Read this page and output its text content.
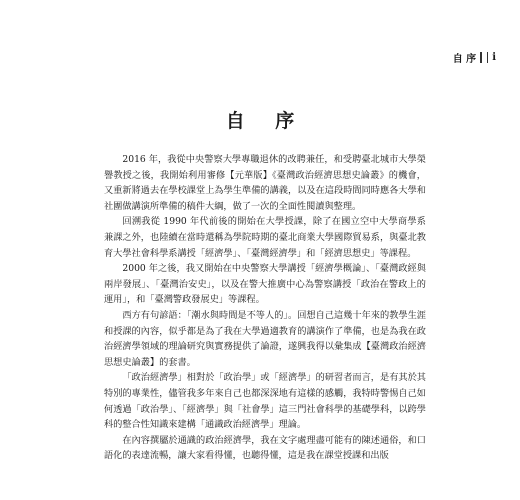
自 序 i
自 序

2016 年，我從中央警察大學專職退休的改聘兼任，和受聘臺北城市大學榮譽教授之後，我開始利用審修【元華版】《臺灣政治經濟思想史論叢》的機會，又重新將過去在學校課堂上為學生準備的講義，以及在這段時間同時應各大學和社團做講演所準備的稿件大綱，做了一次的全面性閱讀與整理。

回溯我從 1990 年代前後的開始在大學授課，除了在國立空中大學商學系兼課之外，也陸續在當時還稱為學院時期的臺北商業大學國際貿易系，與臺北教育大學社會科學系講授「經濟學」、「臺灣經濟學」和「經濟思想史」等課程。

2000 年之後，我又開始在中央警察大學講授「經濟學概論」、「臺灣政經與兩岸發展」、「臺灣治安史」，以及在警大推廣中心為警察講授「政治在警政上的運用」，和「臺灣警政發展史」等課程。

西方有句諺語：「潮水與時間是不等人的」。回想自己這幾十年來的教學生涯和授課的內容，似乎都是為了我在大學過適教育的講演作了準備，也是為我在政治經濟學領域的理論研究與實務提供了論證，遂興我得以彙集成【臺灣政治經濟思想史論叢】的套書。

「政治經濟學」相對於「政治學」或「經濟學」的研習者而言，是有其於其特別的專業性，儘管我多年來自己也都深深地有這樣的感觸，我特時警惕自己如何透過「政治學」、「經濟學」與「社會學」這三門社會科學的基礎學科，以跨學科的整合性知識來建構「通識政治經濟學」理論。

在內容撰屬於通識的政治經濟學，我在文字處理盡可能有的陳述通俗，和口語化的表達流暢，讓大家看得懂，也聽得懂，這是我在課堂授課和出版
